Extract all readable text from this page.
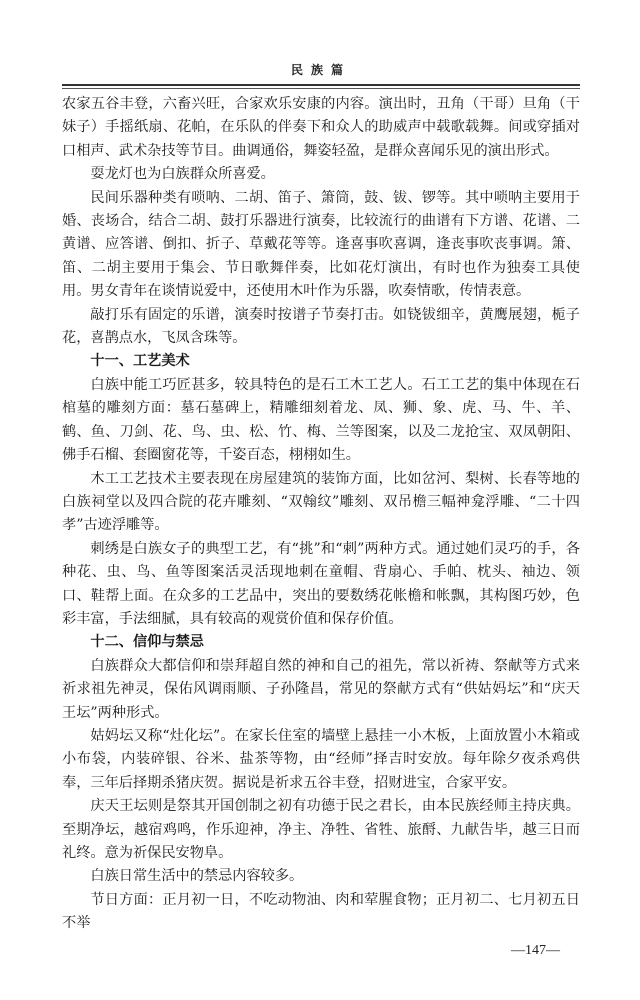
民族篇

农家五谷丰登，六畜兴旺，合家欢乐安康的内容。演出时，丑角（干哥）旦角（干妹子）手摇纸扇、花帕，在乐队的伴奏下和众人的助威声中载歌载舞。间或穿插对口相声、武术杂技等节目。曲调通俗，舞姿轻盈，是群众喜闻乐见的演出形式。

耍龙灯也为白族群众所喜爱。

民间乐器种类有唢呐、二胡、笛子、箫筒，鼓、钹、锣等。其中唢呐主要用于婚、丧场合，结合二胡、鼓打乐器进行演奏，比较流行的曲谱有下方谱、花谱、二黄谱、应答谱、倒扣、折子、草戴花等等。逢喜事吹喜调，逢丧事吹丧事调。箫、笛、二胡主要用于集会、节日歌舞伴奏，比如花灯演出，有时也作为独奏工具使用。男女青年在谈情说爱中，还使用木叶作为乐器，吹奏情歌，传情表意。

敲打乐有固定的乐谱，演奏时按谱子节奏打击。如铙钹细辛，黄鹰展翅，栀子花，喜鹊点水，飞凤含珠等。

十一、工艺美术

白族中能工巧匠甚多，较具特色的是石工木工艺人。石工工艺的集中体现在石棺墓的雕刻方面：墓石墓碑上，精雕细刻着龙、凤、狮、象、虎、马、牛、羊、鹤、鱼、刀剑、花、鸟、虫、松、竹、梅、兰等图案，以及二龙抢宝、双凤朝阳、佛手石榴、套圈窗花等，千姿百态，栩栩如生。

木工工艺技术主要表现在房屋建筑的装饰方面，比如岔河、梨树、长春等地的白族祠堂以及四合院的花卉雕刻、“双翰纹”雕刻、双吊檐三幅神龛浮雕、“二十四孝”古迹浮雕等。

刺绣是白族女子的典型工艺，有“挑”和“刺”两种方式。通过她们灵巧的手，各种花、虫、鸟、鱼等图案活灵活现地刺在童帽、背扇心、手帕、枕头、袖边、领口、鞋帮上面。在众多的工艺品中，突出的要数绣花帐檐和帐飘，其构图巧妙，色彩丰富，手法细腻，具有较高的观赏价值和保存价值。

十二、信仰与禁忌

白族群众大都信仰和崇拜超自然的神和自己的祖先，常以祈祷、祭献等方式来祈求祖先神灵，保佑风调雨顺、子孙隆昌，常见的祭献方式有“供姑妈坛”和“庆天王坛”两种形式。

姑妈坛又称“灶化坛”。在家长住室的墙壁上悬挂一小木板，上面放置小木箱或小布袋，内装碎银、谷米、盐茶等物，由“经师”择吉时安放。每年除夕夜杀鸡供奉，三年后择期杀猪庆贺。据说是祈求五谷丰登，招财进宝，合家平安。

庆天王坛则是祭其开国创制之初有功德于民之君长，由本民族经师主持庆典。至期净坛，越宿鸡鸣，作乐迎神，净主、净牲、省牲、旅酹、九献告毕，越三日而礼终。意为祈保民安物阜。

白族日常生活中的禁忌内容较多。

节日方面：正月初一日，不吃动物油、肉和荤腥食物；正月初二、七月初五日不举

—147—
